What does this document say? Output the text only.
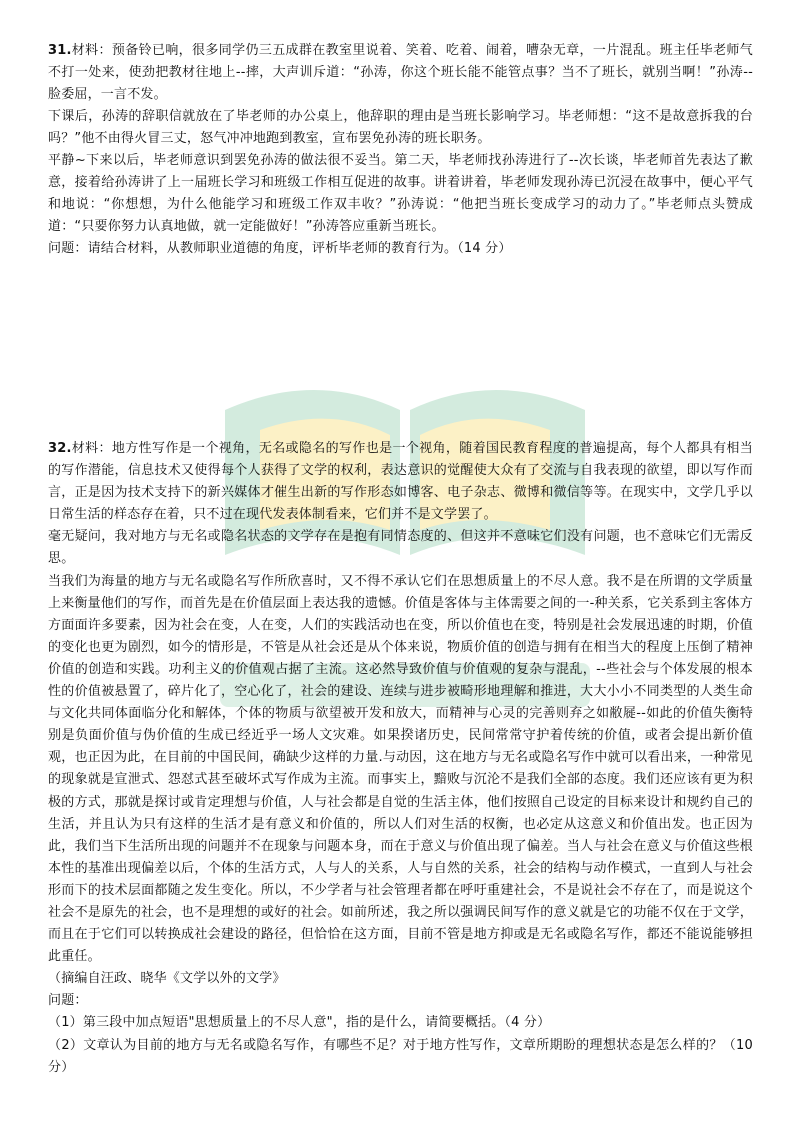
31.材料：预备铃已响，很多同学仍三五成群在教室里说着、笑着、吃着、闹着，嘈杂无章，一片混乱。班主任毕老师气不打一处来，使劲把教材往地上--摔，大声训斥道：“孙涛，你这个班长能不能管点事？当不了班长，就别当啊！”孙涛--脸委屈，一言不发。

下课后，孙涛的辞职信就放在了毕老师的办公桌上，他辞职的理由是当班长影响学习。毕老师想：“这不是故意拆我的台吗？”他不由得火冒三丈，怒气冲冲地跑到教室，宣布罢免孙涛的班长职务。

平静~下来以后，毕老师意识到罢免孙涛的做法很不妥当。第二天，毕老师找孙涛进行了--次长谈，毕老师首先表达了歉意，接着给孙涛讲了上一届班长学习和班级工作相互促进的故事。讲着讲着，毕老师发现孙涛已沉浸在故事中，便心平气和地说：“你想想，为什么他能学习和班级工作双丰收？”孙涛说：“他把当班长变成学习的动力了。”毕老师点头赞成道：“只要你努力认真地做，就一定能做好！”孙涛答应重新当班长。

问题：请结合材料，从教师职业道德的角度，评析毕老师的教育行为。（14 分）

32.材料：地方性写作是一个视角，无名或隐名的写作也是一个视角，随着国民教育程度的普遍提高，每个人都具有相当的写作潜能，信息技术又使得每个人获得了文学的权利，表达意识的觉醒使大众有了交流与自我表现的欲望，即以写作而言，正是因为技术支持下的新兴媒体才催生出新的写作形态如博客、电子杂志、微博和微信等等。在现实中，文学几乎以日常生活的样态存在着，只不过在现代发表体制看来，它们并不是文学罢了。

毫无疑问，我对地方与无名或隐名状态的文学存在是抱有同情态度的、但这并不意味它们没有问题，也不意味它们无需反思。

当我们为海量的地方与无名或隐名写作所欣喜时，又不得不承认它们在思想质量上的不尽人意。我不是在所谓的文学质量上来衡量他们的写作，而首先是在价值层面上表达我的遗憾。价值是客体与主体需要之间的一-种关系，它关系到主客体方方面面许多要素，因为社会在变，人在变，人们的实践活动也在变，所以价值也在变，特别是社会发展迅速的时期，价值的变化也更为剧烈，如今的情形是，不管是从社会还是从个体来说，物质价值的创造与拥有在相当大的程度上压倒了精神价值的创造和实践。功利主义的价值观占据了主流。这必然导致价值与价值观的复杂与混乱，--些社会与个体发展的根本性的价值被悬置了，碎片化了，空心化了，社会的建设、连续与进步被畸形地理解和推进，大大小小不同类型的人类生命与文化共同体面临分化和解体，个体的物质与欲望被开发和放大，而精神与心灵的完善则弃之如敝屣--如此的价值失衡特别是负面价值与伪价值的生成已经近乎一场人文灾难。如果揆诸历史，民间常常守护着传统的价值，或者会提出新价值观，也正因为此，在目前的中国民间，确缺少这样的力量.与动因，这在地方与无名或隐名写作中就可以看出来，一种常见的现象就是宣泄式、怨怼式甚至破坏式写作成为主流。而事实上，黯败与沉沦不是我们全部的态度。我们还应该有更为积极的方式，那就是探讨或肯定理想与价值，人与社会都是自觉的生活主体，他们按照自己设定的目标来设计和规约自己的生活，并且认为只有这样的生活才是有意义和价值的，所以人们对生活的权衡，也必定从这意义和价值出发。也正因为此，我们当下生活所出现的问题并不在现象与问题本身，而在于意义与价值出现了偏差。当人与社会在意义与价值这些根本性的基准出现偏差以后，个体的生活方式，人与人的关系，人与自然的关系，社会的结构与动作模式，一直到人与社会形而下的技术层面都随之发生变化。所以，不少学者与社会管理者都在呼吁重建社会，不是说社会不存在了，而是说这个社会不是原先的社会，也不是理想的或好的社会。如前所述，我之所以强调民间写作的意义就是它的功能不仅在于文学，而且在于它们可以转换成社会建设的路径，但恰恰在这方面，目前不管是地方抑或是无名或隐名写作，都还不能说能够担此重任。

（摘编自汪政、晓华《文学以外的文学》

问题：

（1）第三段中加点短语"思想质量上的不尽人意"，指的是什么，请简要概括。（4 分）

（2）文章认为目前的地方与无名或隐名写作，有哪些不足？对于地方性写作，文章所期盼的理想状态是怎么样的？（10 分）
